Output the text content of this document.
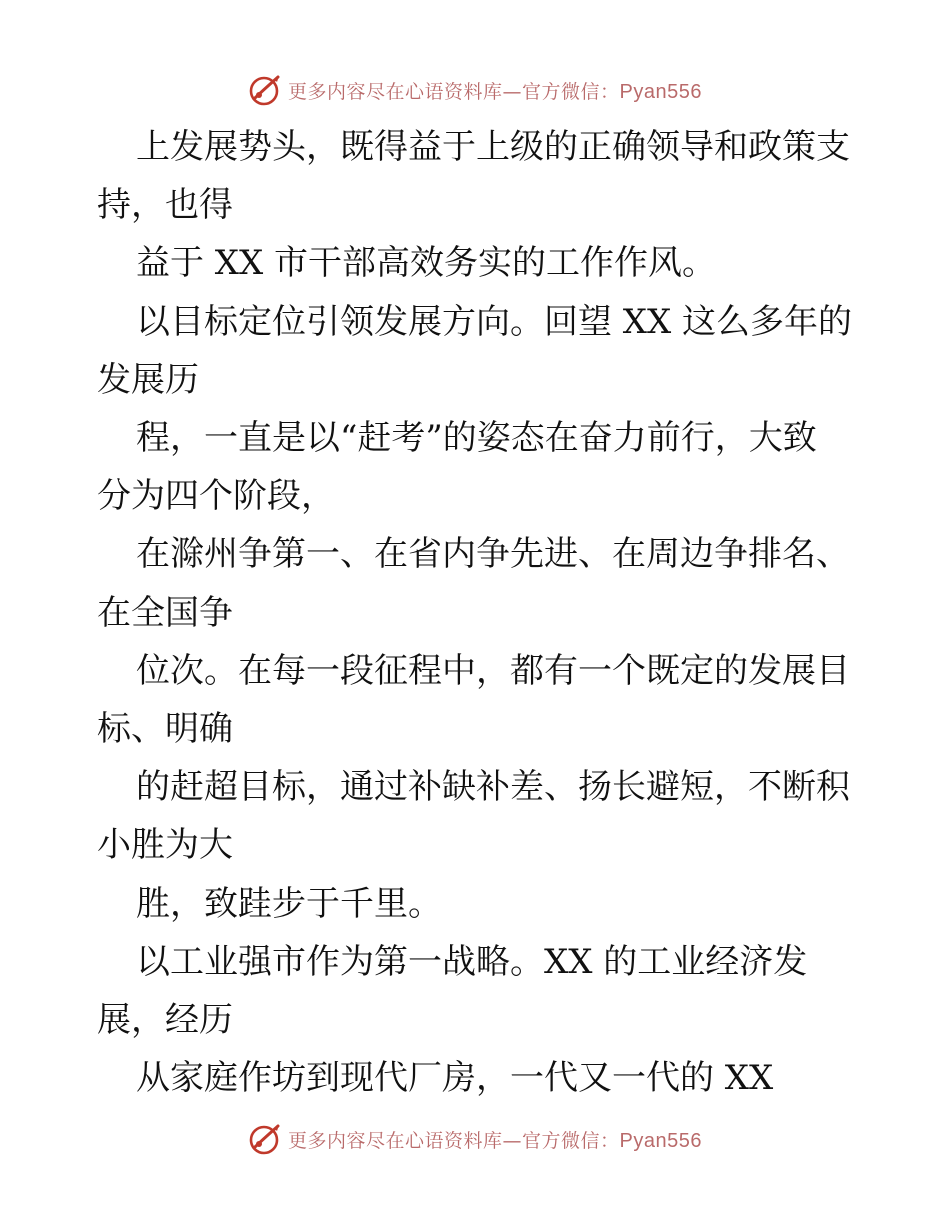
更多内容尽在心语资料库—官方微信：Pyan556
上发展势头，既得益于上级的正确领导和政策支
持，也得
益于 XX 市干部高效务实的工作作风。
以目标定位引领发展方向。回望 XX 这么多年的
发展历
程，一直是以“赶考”的姿态在奋力前行，大致
分为四个阶段，
在滁州争第一、在省内争先进、在周边争排名、
在全国争
位次。在每一段征程中，都有一个既定的发展目
标、明确
的赶超目标，通过补缺补差、扬长避短，不断积
小胜为大
胜，致跬步于千里。
以工业强市作为第一战略。XX 的工业经济发
展，经历
从家庭作坊到现代厂房，一代又一代的 XX
更多内容尽在心语资料库—官方微信：Pyan556
